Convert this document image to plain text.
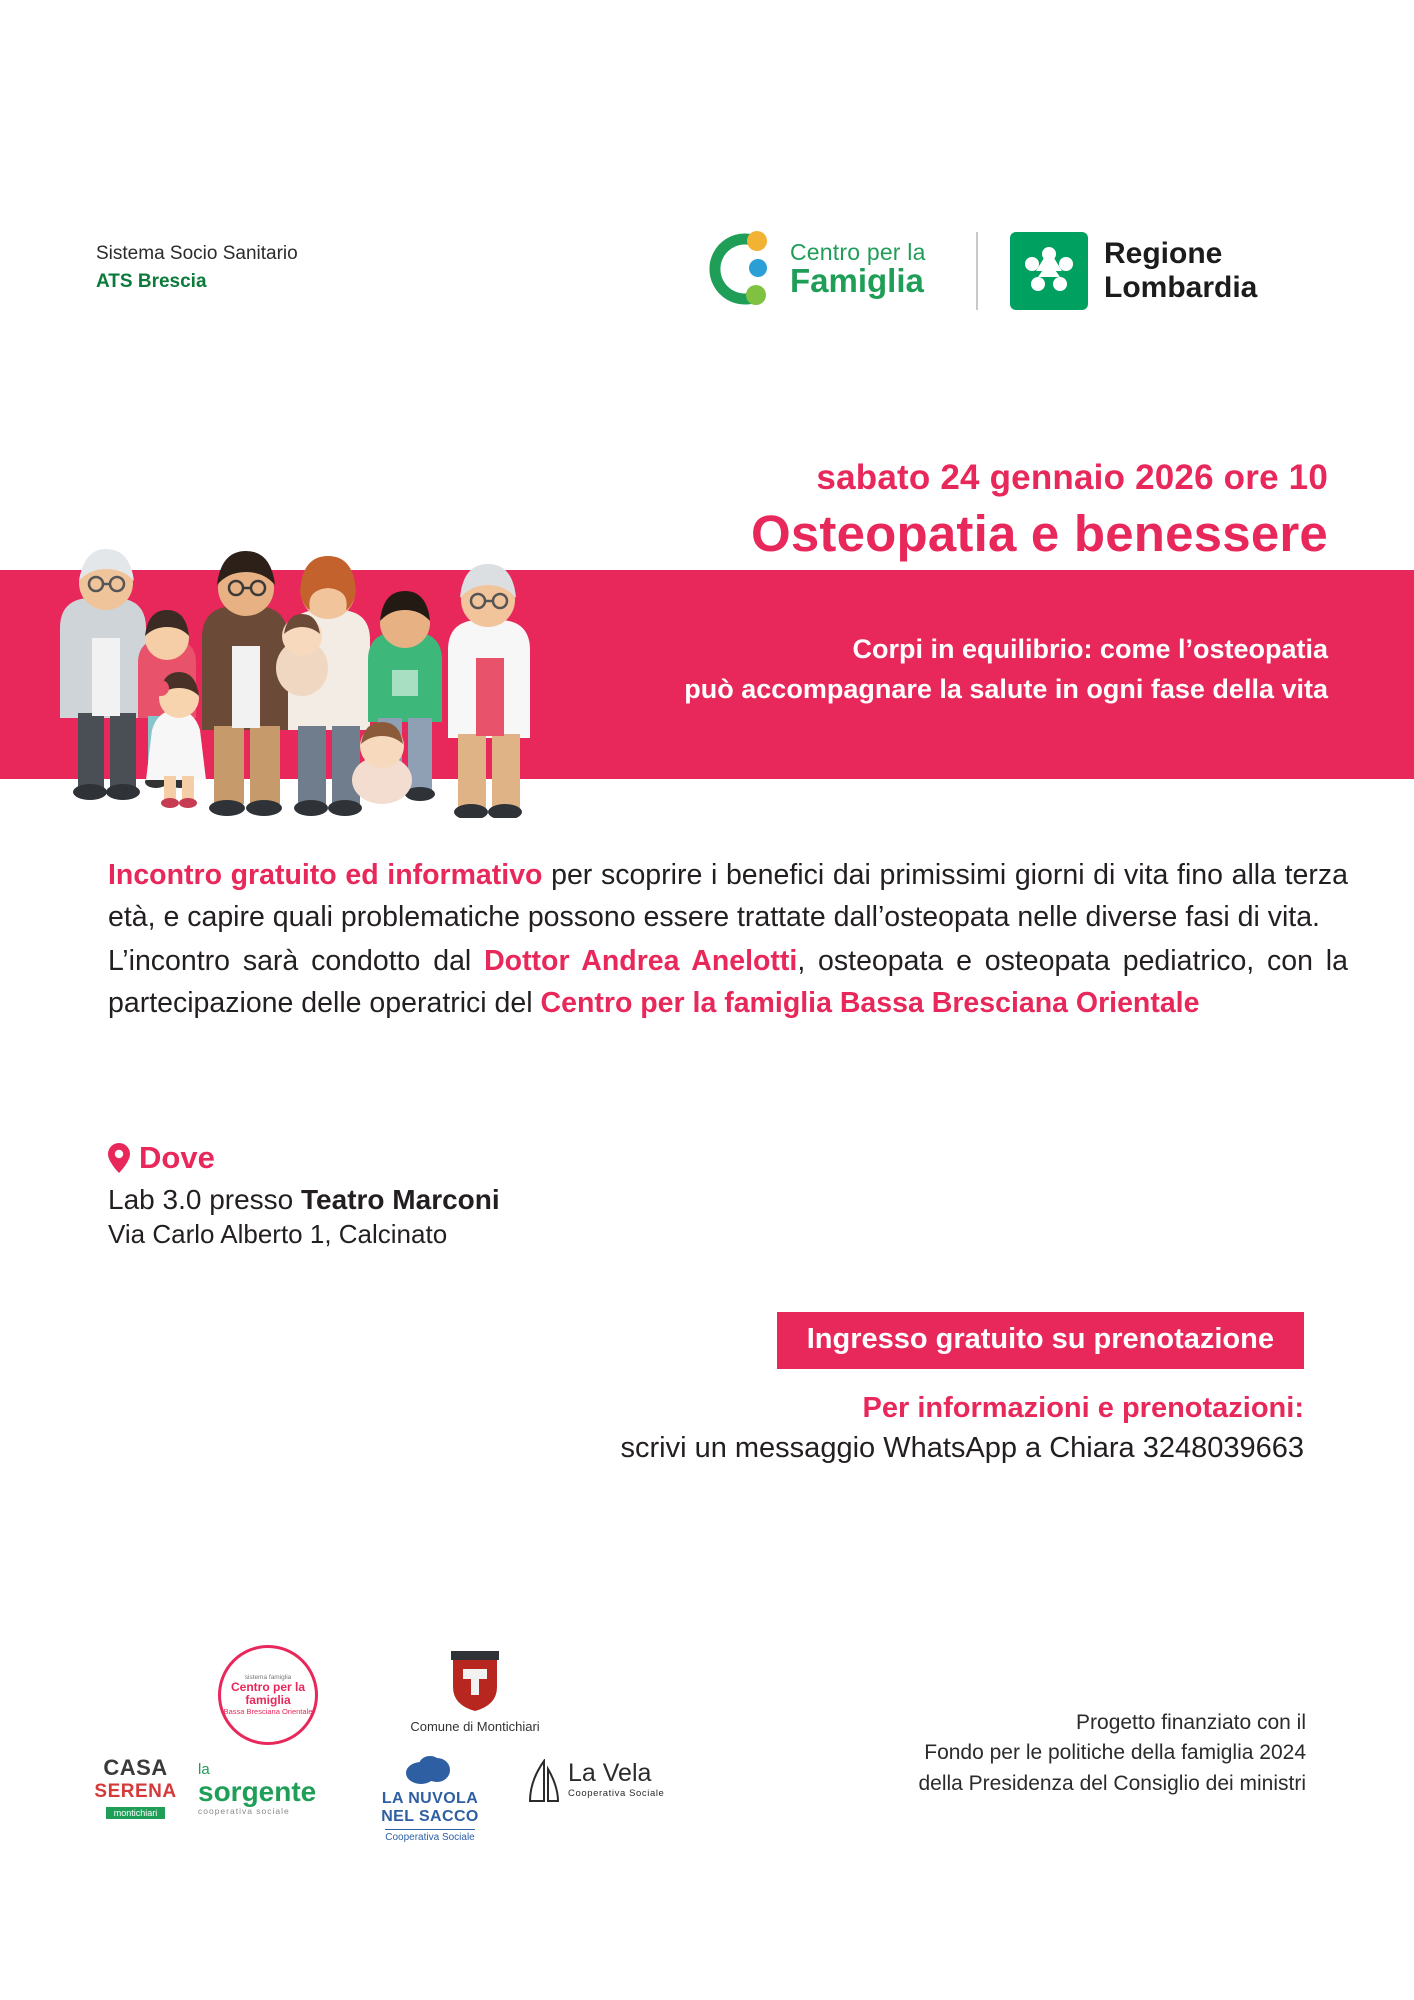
Sistema Socio Sanitario
ATS Brescia
Centro per la
Famiglia
Regione
Lombardia
sabato 24 gennaio 2026 ore 10
Osteopatia e benessere
Corpi in equilibrio: come l’osteopatia
può accompagnare la salute in ogni fase della vita

Incontro gratuito ed informativo per scoprire i benefici dai primissimi giorni di vita fino alla terza età, e capire quali problematiche possono essere trattate dall’osteopata nelle diverse fasi di vita.

L’incontro sarà condotto dal Dottor Andrea Anelotti, osteopata e osteopata pediatrico, con la partecipazione delle operatrici del Centro per la famiglia Bassa Bresciana Orientale

Dove
Lab 3.0 presso Teatro Marconi
Via Carlo Alberto 1, Calcinato
Ingresso gratuito su prenotazione
Per informazioni e prenotazioni:
scrivi un messaggio WhatsApp a Chiara 3248039663
sistema famiglia
Centro per la famiglia
Bassa Bresciana Orientale
Comune di Montichiari
CASA
SERENA
montichiari
la
sorgente
cooperativa sociale
LA NUVOLA
NEL SACCO
Cooperativa Sociale
La Vela
Cooperativa Sociale
Progetto finanziato con il
Fondo per le politiche della famiglia 2024
della Presidenza del Consiglio dei ministri
